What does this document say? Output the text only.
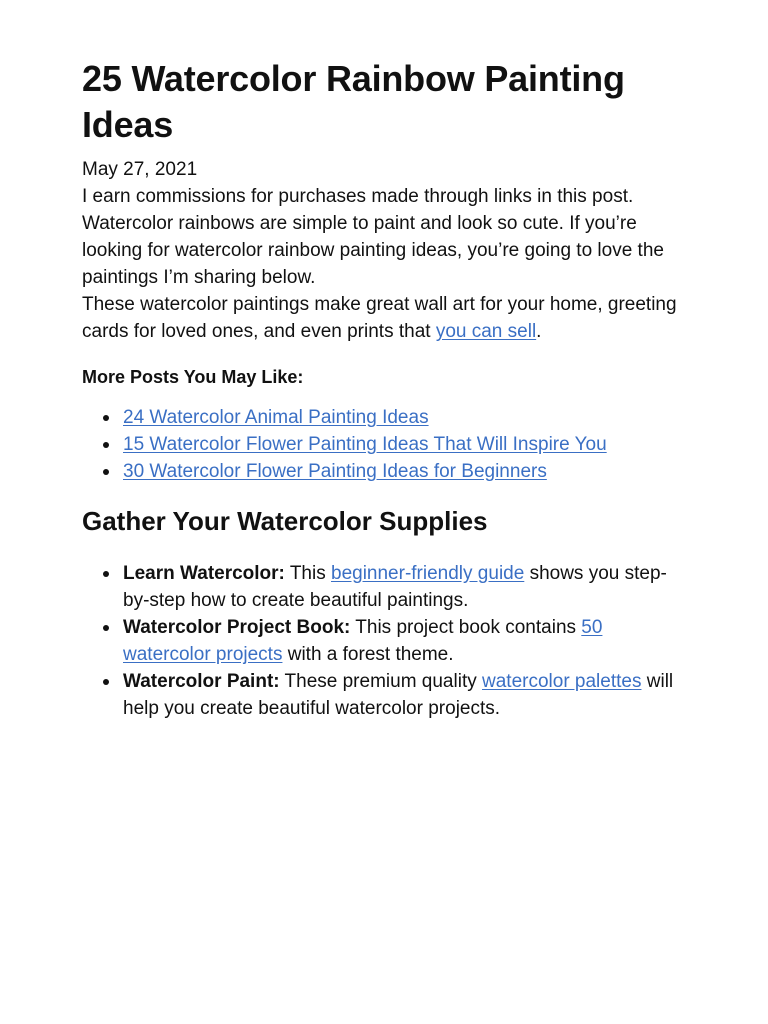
25 Watercolor Rainbow Painting Ideas
May 27, 2021

I earn commissions for purchases made through links in this post.

Watercolor rainbows are simple to paint and look so cute. If you’re looking for watercolor rainbow painting ideas, you’re going to love the paintings I’m sharing below.

These watercolor paintings make great wall art for your home, greeting cards for loved ones, and even prints that you can sell.

More Posts You May Like:
24 Watercolor Animal Painting Ideas
15 Watercolor Flower Painting Ideas That Will Inspire You
30 Watercolor Flower Painting Ideas for Beginners
Gather Your Watercolor Supplies
Learn Watercolor: This beginner-friendly guide shows you step-by-step how to create beautiful paintings.
Watercolor Project Book: This project book contains 50 watercolor projects with a forest theme.
Watercolor Paint: These premium quality watercolor palettes will help you create beautiful watercolor projects.
